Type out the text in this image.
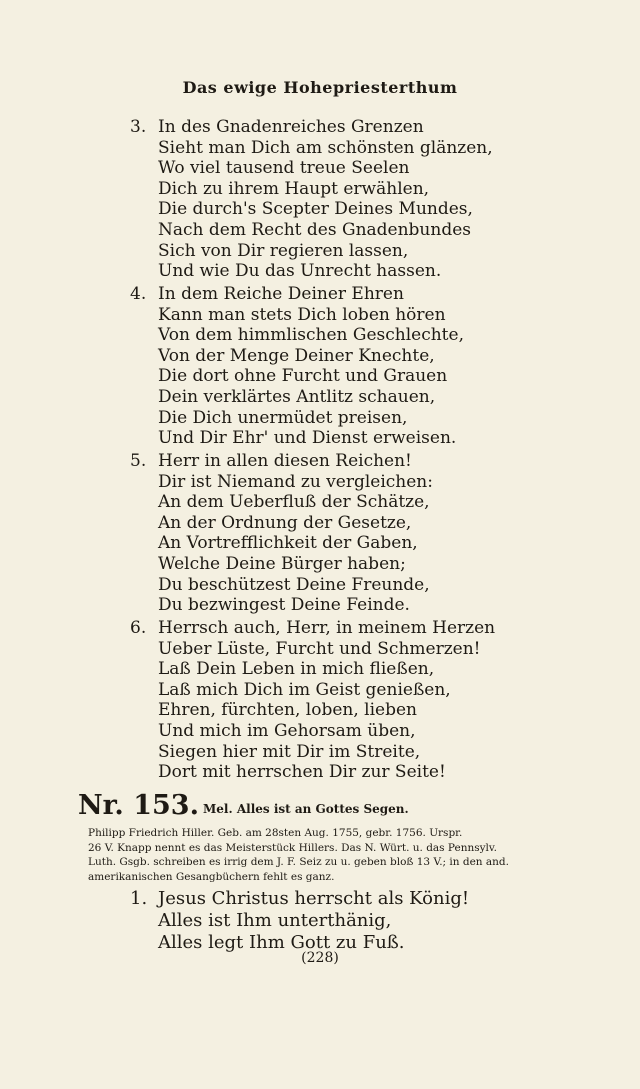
Das ewige Hohepriesterthum
3. In des Gnadenreiches Grenzen
Sieht man Dich am schönsten glänzen,
Wo viel tausend treue Seelen
Dich zu ihrem Haupt erwählen,
Die durch's Scepter Deines Mundes,
Nach dem Recht des Gnadenbundes
Sich von Dir regieren lassen,
Und wie Du das Unrecht hassen.
4. In dem Reiche Deiner Ehren
Kann man stets Dich loben hören
Von dem himmlischen Geschlechte,
Von der Menge Deiner Knechte,
Die dort ohne Furcht und Grauen
Dein verklärtes Antlitz schauen,
Die Dich unermüdet preisen,
Und Dir Ehr' und Dienst erweisen.
5. Herr in allen diesen Reichen!
Dir ist Niemand zu vergleichen:
An dem Ueberfluß der Schätze,
An der Ordnung der Gesetze,
An Vortrefflichkeit der Gaben,
Welche Deine Bürger haben;
Du beschützest Deine Freunde,
Du bezwingest Deine Feinde.
6. Herrsch auch, Herr, in meinem Herzen
Ueber Lüste, Furcht und Schmerzen!
Laß Dein Leben in mich fließen,
Laß mich Dich im Geist genießen,
Ehren, fürchten, loben, lieben
Und mich im Gehorsam üben,
Siegen hier mit Dir im Streite,
Dort mit herrschen Dir zur Seite!
Nr. 153. Mel. Alles ist an Gottes Segen.
Philipp Friedrich Hiller. Geb. am 28sten Aug. 1755, gebr. 1756. Urspr.
26 V. Knapp nennt es das Meisterstück Hillers. Das N. Würt. u. das Pennsylv.
Luth. Gsgb. schreiben es irrig dem J. F. Seiz zu u. geben bloß 13 V.; in den and.
amerikanischen Gesangbüchern fehlt es ganz.
1. Jesus Christus herrscht als König!
Alles ist Ihm unterthänig,
Alles legt Ihm Gott zu Fuß.
(228)
